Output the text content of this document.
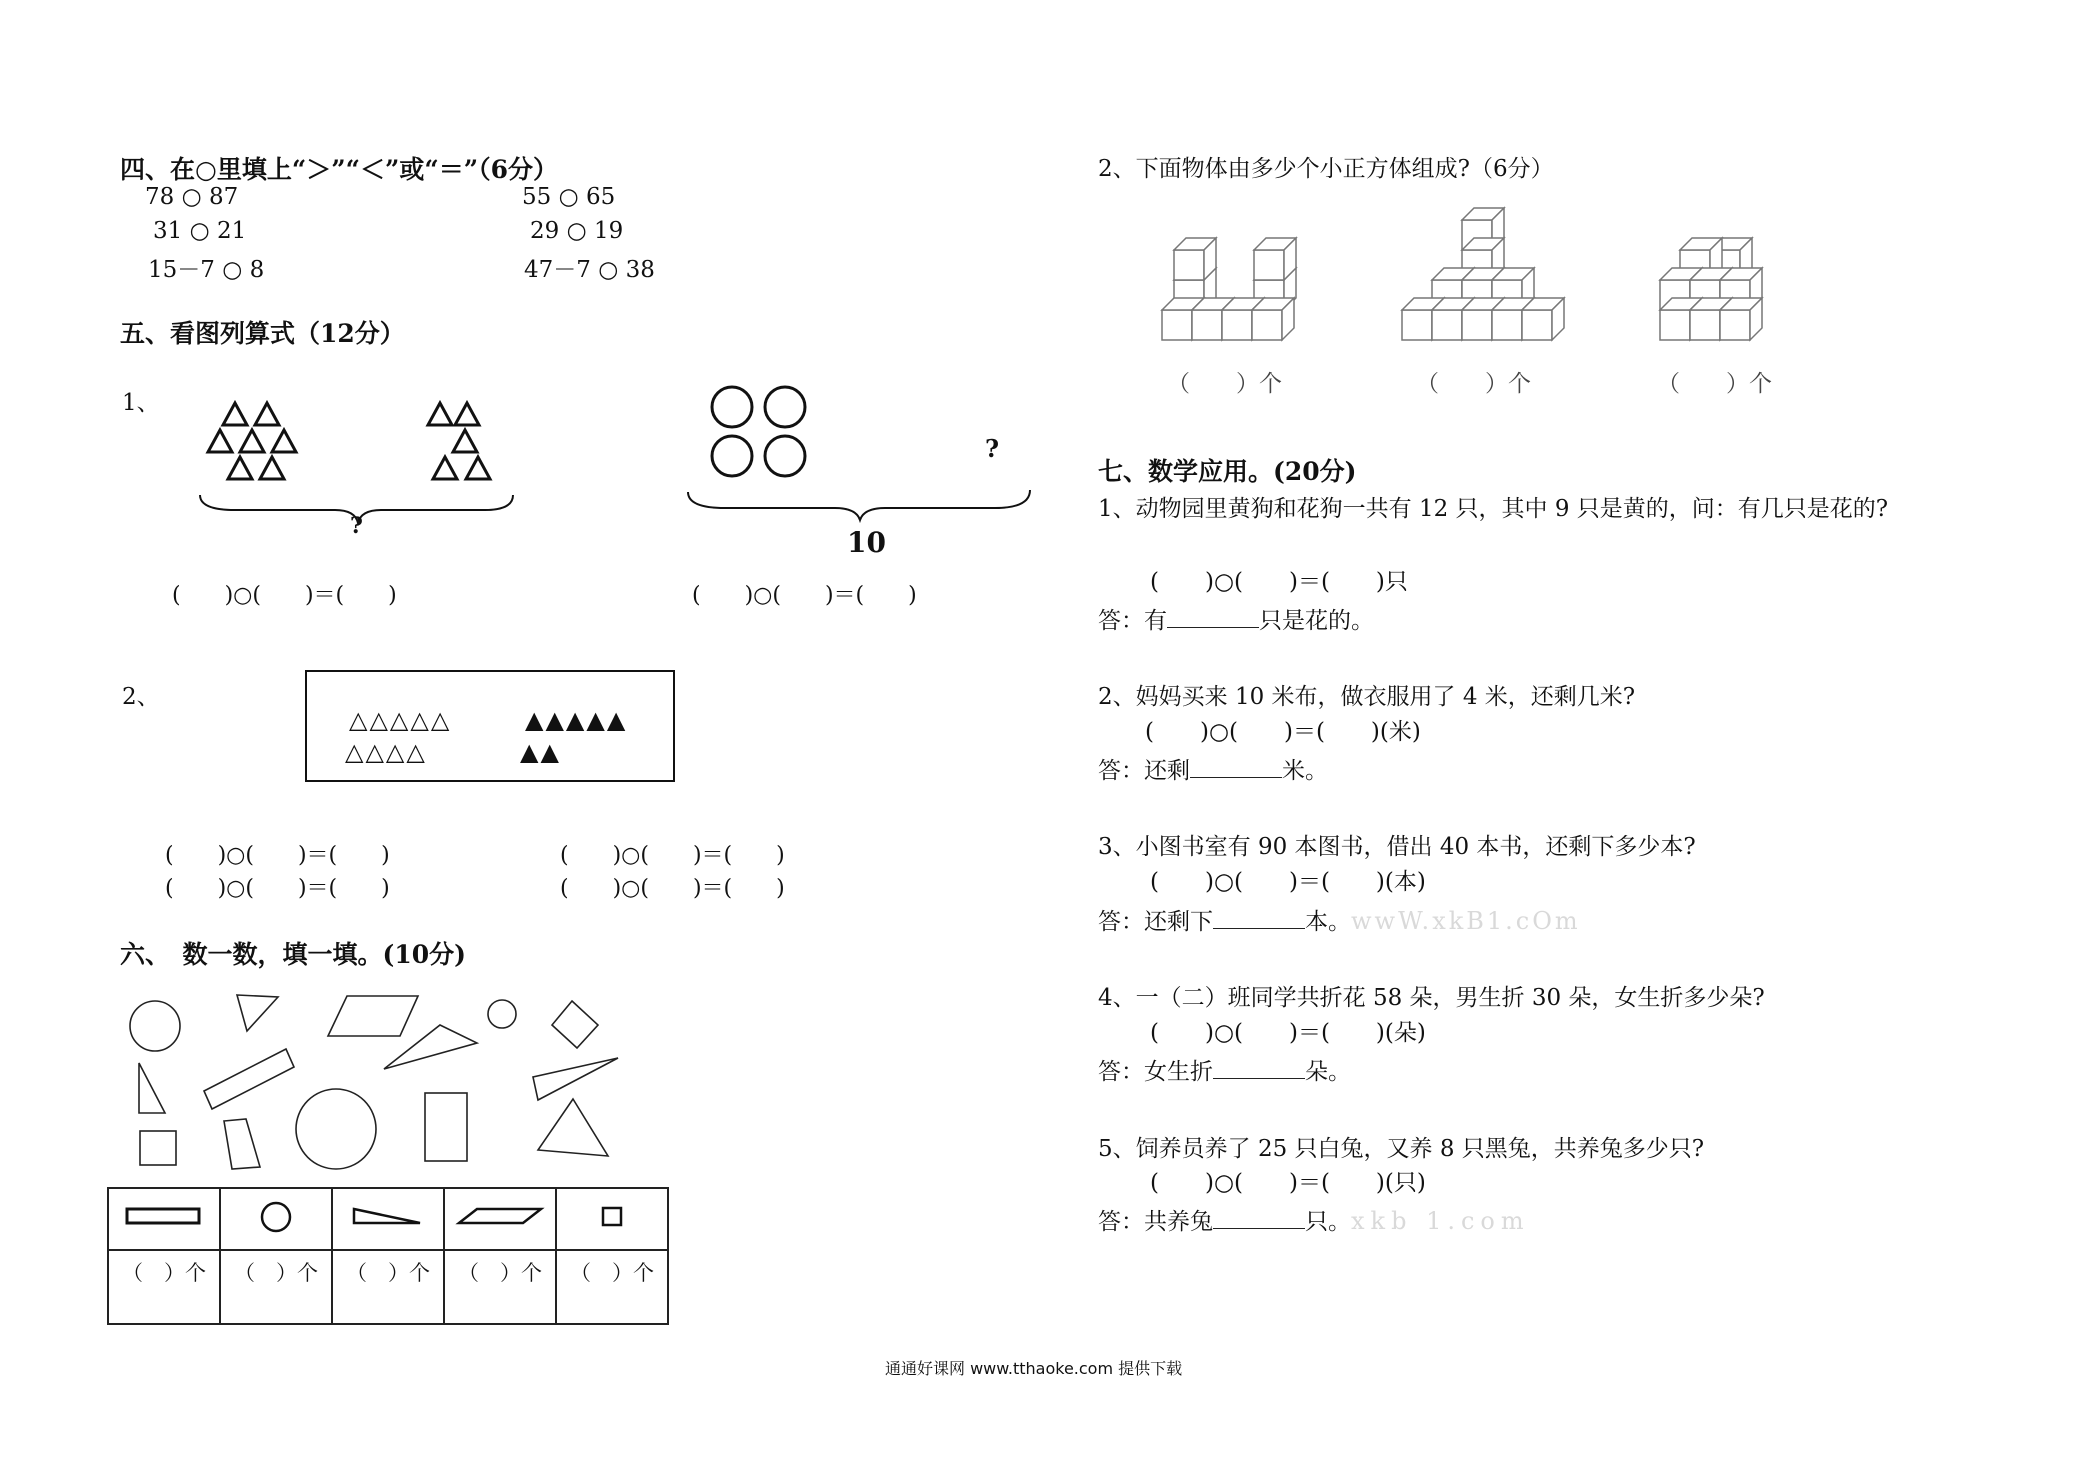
四、在○里填上“＞”“＜”或“＝”（6分）
78 ○ 87	55 ○ 65
31 ○ 21	29 ○ 19
15－7 ○ 8	47－7 ○ 38
五、看图列算式（12分）
1、
?
?
10
(　　)○(　　)＝(　　)	(　　)○(　　)＝(　　)
2、
△△△△△	▲▲▲▲▲
△△△△	▲▲
(　　)○(　　)＝(　　)	(　　)○(　　)＝(　　)
(　　)○(　　)＝(　　)	(　　)○(　　)＝(　　)
六、　数一数，填一填。(10分)

（　）个	（　）个	（　）个	（　）个	（　）个
2、下面物体由多少个小正方体组成?（6分）
（　　）个	（　　）个	（　　）个
七、数学应用。(20分)
1、动物园里黄狗和花狗一共有 12 只，其中 9 只是黄的，问：有几只是花的?
(　　)○(　　)＝(　　)只
答：有	只是花的。
2、妈妈买来 10 米布，做衣服用了 4 米，还剩几米?
(　　)○(　　)＝(　　)(米)
答：还剩	米。
3、小图书室有 90 本图书，借出 40 本书，还剩下多少本?
(　　)○(　　)＝(　　)(本)
答：还剩下	本。wwW.xkB1.cOm
4、一（二）班同学共折花 58 朵，男生折 30 朵，女生折多少朵?
(　　)○(　　)＝(　　)(朵)
答：女生折	朵。
5、饲养员养了 25 只白兔，又养 8 只黑兔，共养兔多少只?
(　　)○(　　)＝(　　)(只)
答：共养兔	只。xkb 1.com
通通好课网 www.tthaoke.com 提供下载
